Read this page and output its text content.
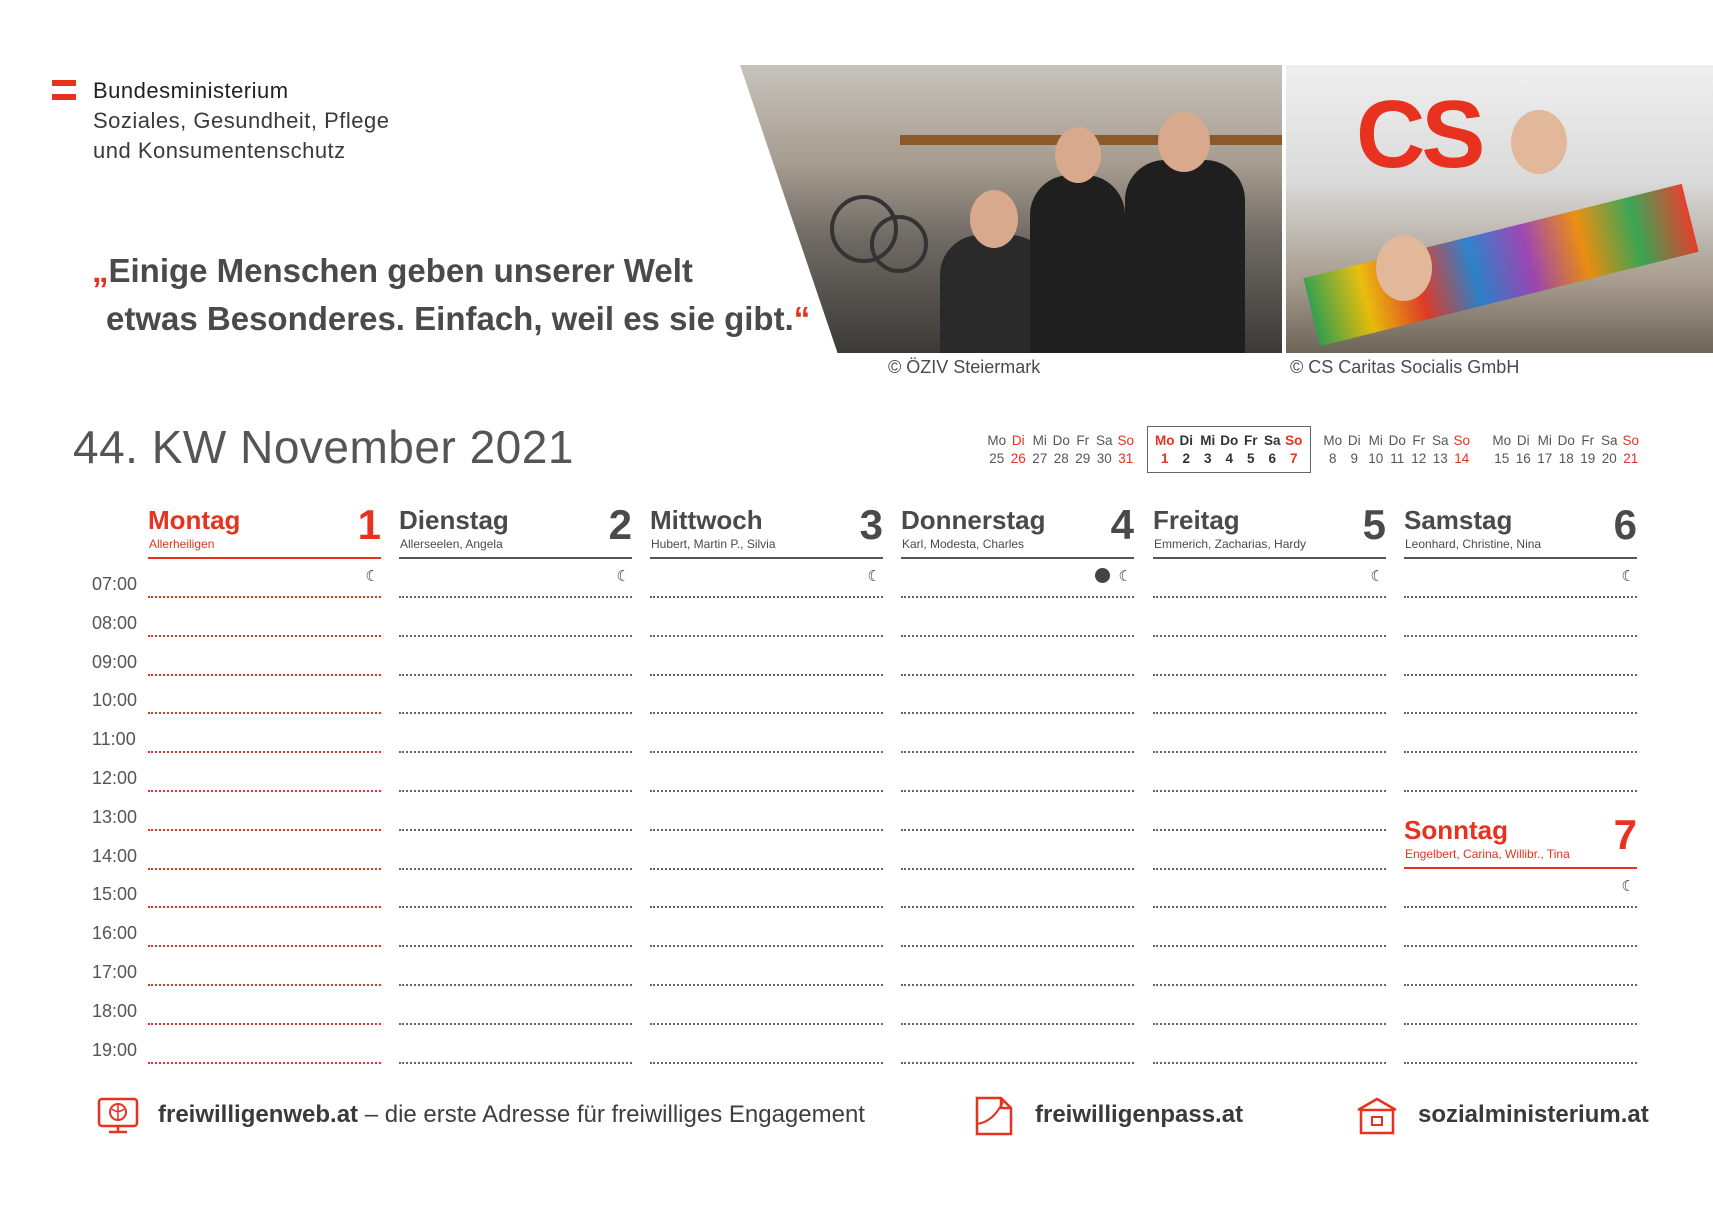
Bundesministerium
Soziales, Gesundheit, Pflege
und Konsumentenschutz
„Einige Menschen geben unserer Welt
etwas Besonderes. Einfach, weil es sie gibt.“
CS
© ÖZIV Steiermark	© CS Caritas Socialis GmbH
44. KW November 2021	Mo Di Mi Do Fr Sa So
25 26 27 28 29 30 31
Mo Di Mi Do Fr Sa So
1	2	3	4	5	6	7
Mo Di Mi Do Fr Sa So
8	9 10 11 12 13 14
Mo Di Mi Do Fr Sa So
15 16 17 18 19 20 21
07:00
08:00
09:00
10:00
11:00
12:00
13:00
14:00
15:00
16:00
17:00
18:00
19:00
Montag
Allerheiligen	1
☾
Dienstag
Allerseelen, Angela	2
☾
Mittwoch
Hubert, Martin P., Silvia 3
☾
Donnerstag
Karl, Modesta, Charles 4
☾
Freitag
Emmerich, Zacharias, Hardy 5
☾
Samstag
Leonhard, Christine, Nina 6
☾
Sonntag
Engelbert, Carina, Willibr., Tina 7
☾
freiwilligenweb.at – die erste Adresse für freiwilliges Engagement	freiwilligenpass.at	sozialministerium.at
